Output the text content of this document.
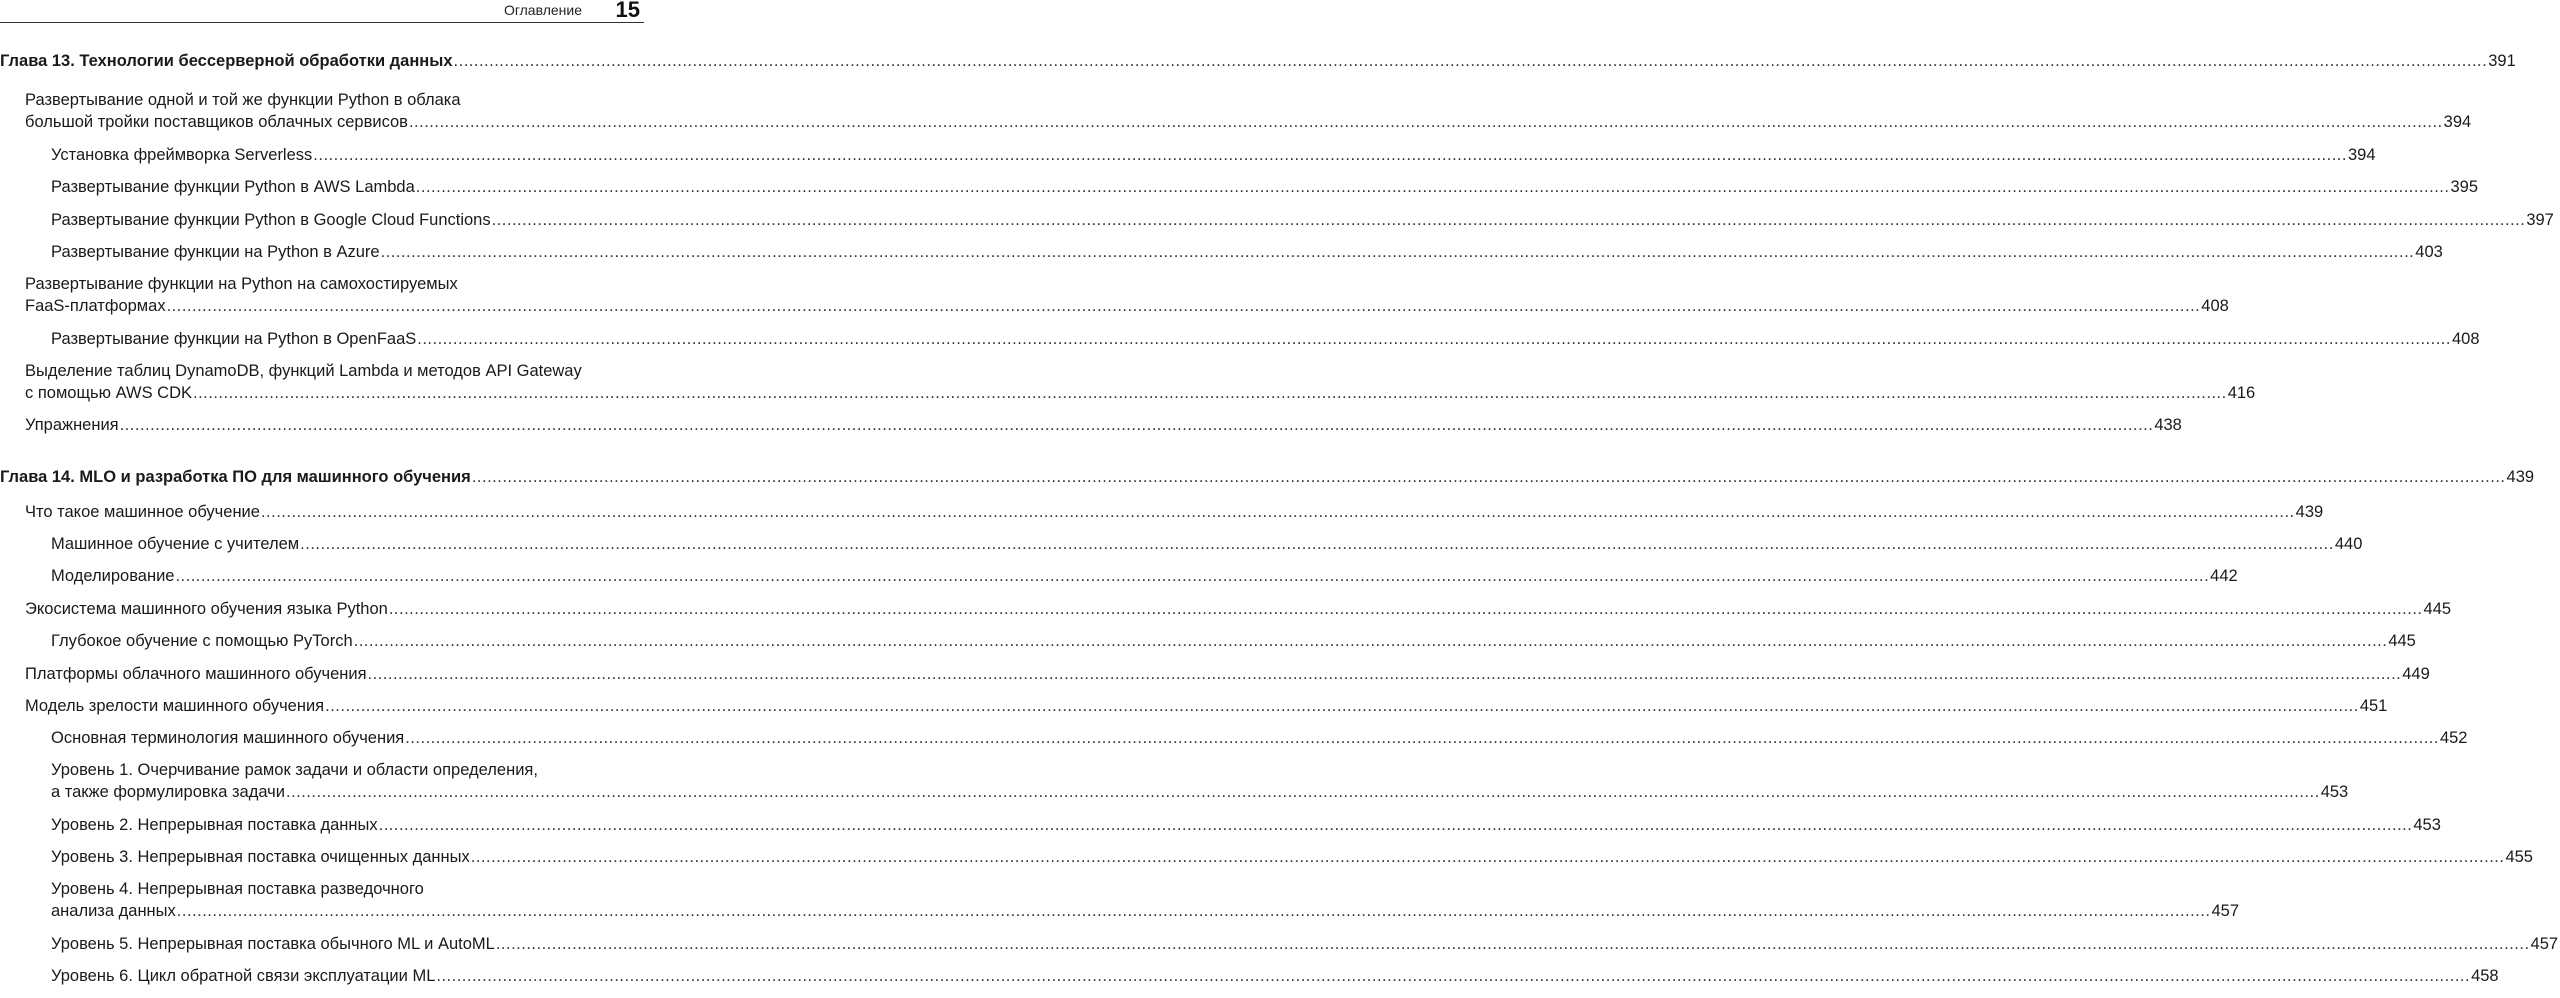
Оглавление 15
Глава 13. Технологии бессерверной обработки данных ................................................................................................................................................................................................................................................................................................................................................................................................................ 391
Развертывание одной и той же функции Python в облака
большой тройки поставщиков облачных сервисов ................................................................................................................................................................................................................................................................................................................................................................................................................ 394
Установка фреймворка Serverless ................................................................................................................................................................................................................................................................................................................................................................................................................ 394
Развертывание функции Python в AWS Lambda ................................................................................................................................................................................................................................................................................................................................................................................................................ 395
Развертывание функции Python в Google Cloud Functions ................................................................................................................................................................................................................................................................................................................................................................................................................ 397
Развертывание функции на Python в Azure ................................................................................................................................................................................................................................................................................................................................................................................................................ 403
Развертывание функции на Python на самохостируемых
FaaS-платформах ................................................................................................................................................................................................................................................................................................................................................................................................................ 408
Развертывание функции на Python в OpenFaaS ................................................................................................................................................................................................................................................................................................................................................................................................................ 408
Выделение таблиц DynamoDB, функций Lambda и методов API Gateway
с помощью AWS CDK ................................................................................................................................................................................................................................................................................................................................................................................................................ 416
Упражнения ................................................................................................................................................................................................................................................................................................................................................................................................................ 438
Глава 14. MLO и разработка ПО для машинного обучения ................................................................................................................................................................................................................................................................................................................................................................................................................ 439
Что такое машинное обучение ................................................................................................................................................................................................................................................................................................................................................................................................................ 439
Машинное обучение с учителем ................................................................................................................................................................................................................................................................................................................................................................................................................ 440
Моделирование ................................................................................................................................................................................................................................................................................................................................................................................................................ 442
Экосистема машинного обучения языка Python ................................................................................................................................................................................................................................................................................................................................................................................................................ 445
Глубокое обучение с помощью PyTorch ................................................................................................................................................................................................................................................................................................................................................................................................................ 445
Платформы облачного машинного обучения ................................................................................................................................................................................................................................................................................................................................................................................................................ 449
Модель зрелости машинного обучения ................................................................................................................................................................................................................................................................................................................................................................................................................ 451
Основная терминология машинного обучения ................................................................................................................................................................................................................................................................................................................................................................................................................ 452
Уровень 1. Очерчивание рамок задачи и области определения,
а также формулировка задачи ................................................................................................................................................................................................................................................................................................................................................................................................................ 453
Уровень 2. Непрерывная поставка данных ................................................................................................................................................................................................................................................................................................................................................................................................................ 453
Уровень 3. Непрерывная поставка очищенных данных ................................................................................................................................................................................................................................................................................................................................................................................................................ 455
Уровень 4. Непрерывная поставка разведочного
анализа данных ................................................................................................................................................................................................................................................................................................................................................................................................................ 457
Уровень 5. Непрерывная поставка обычного ML и AutoML ................................................................................................................................................................................................................................................................................................................................................................................................................ 457
Уровень 6. Цикл обратной связи эксплуатации ML ................................................................................................................................................................................................................................................................................................................................................................................................................ 458
